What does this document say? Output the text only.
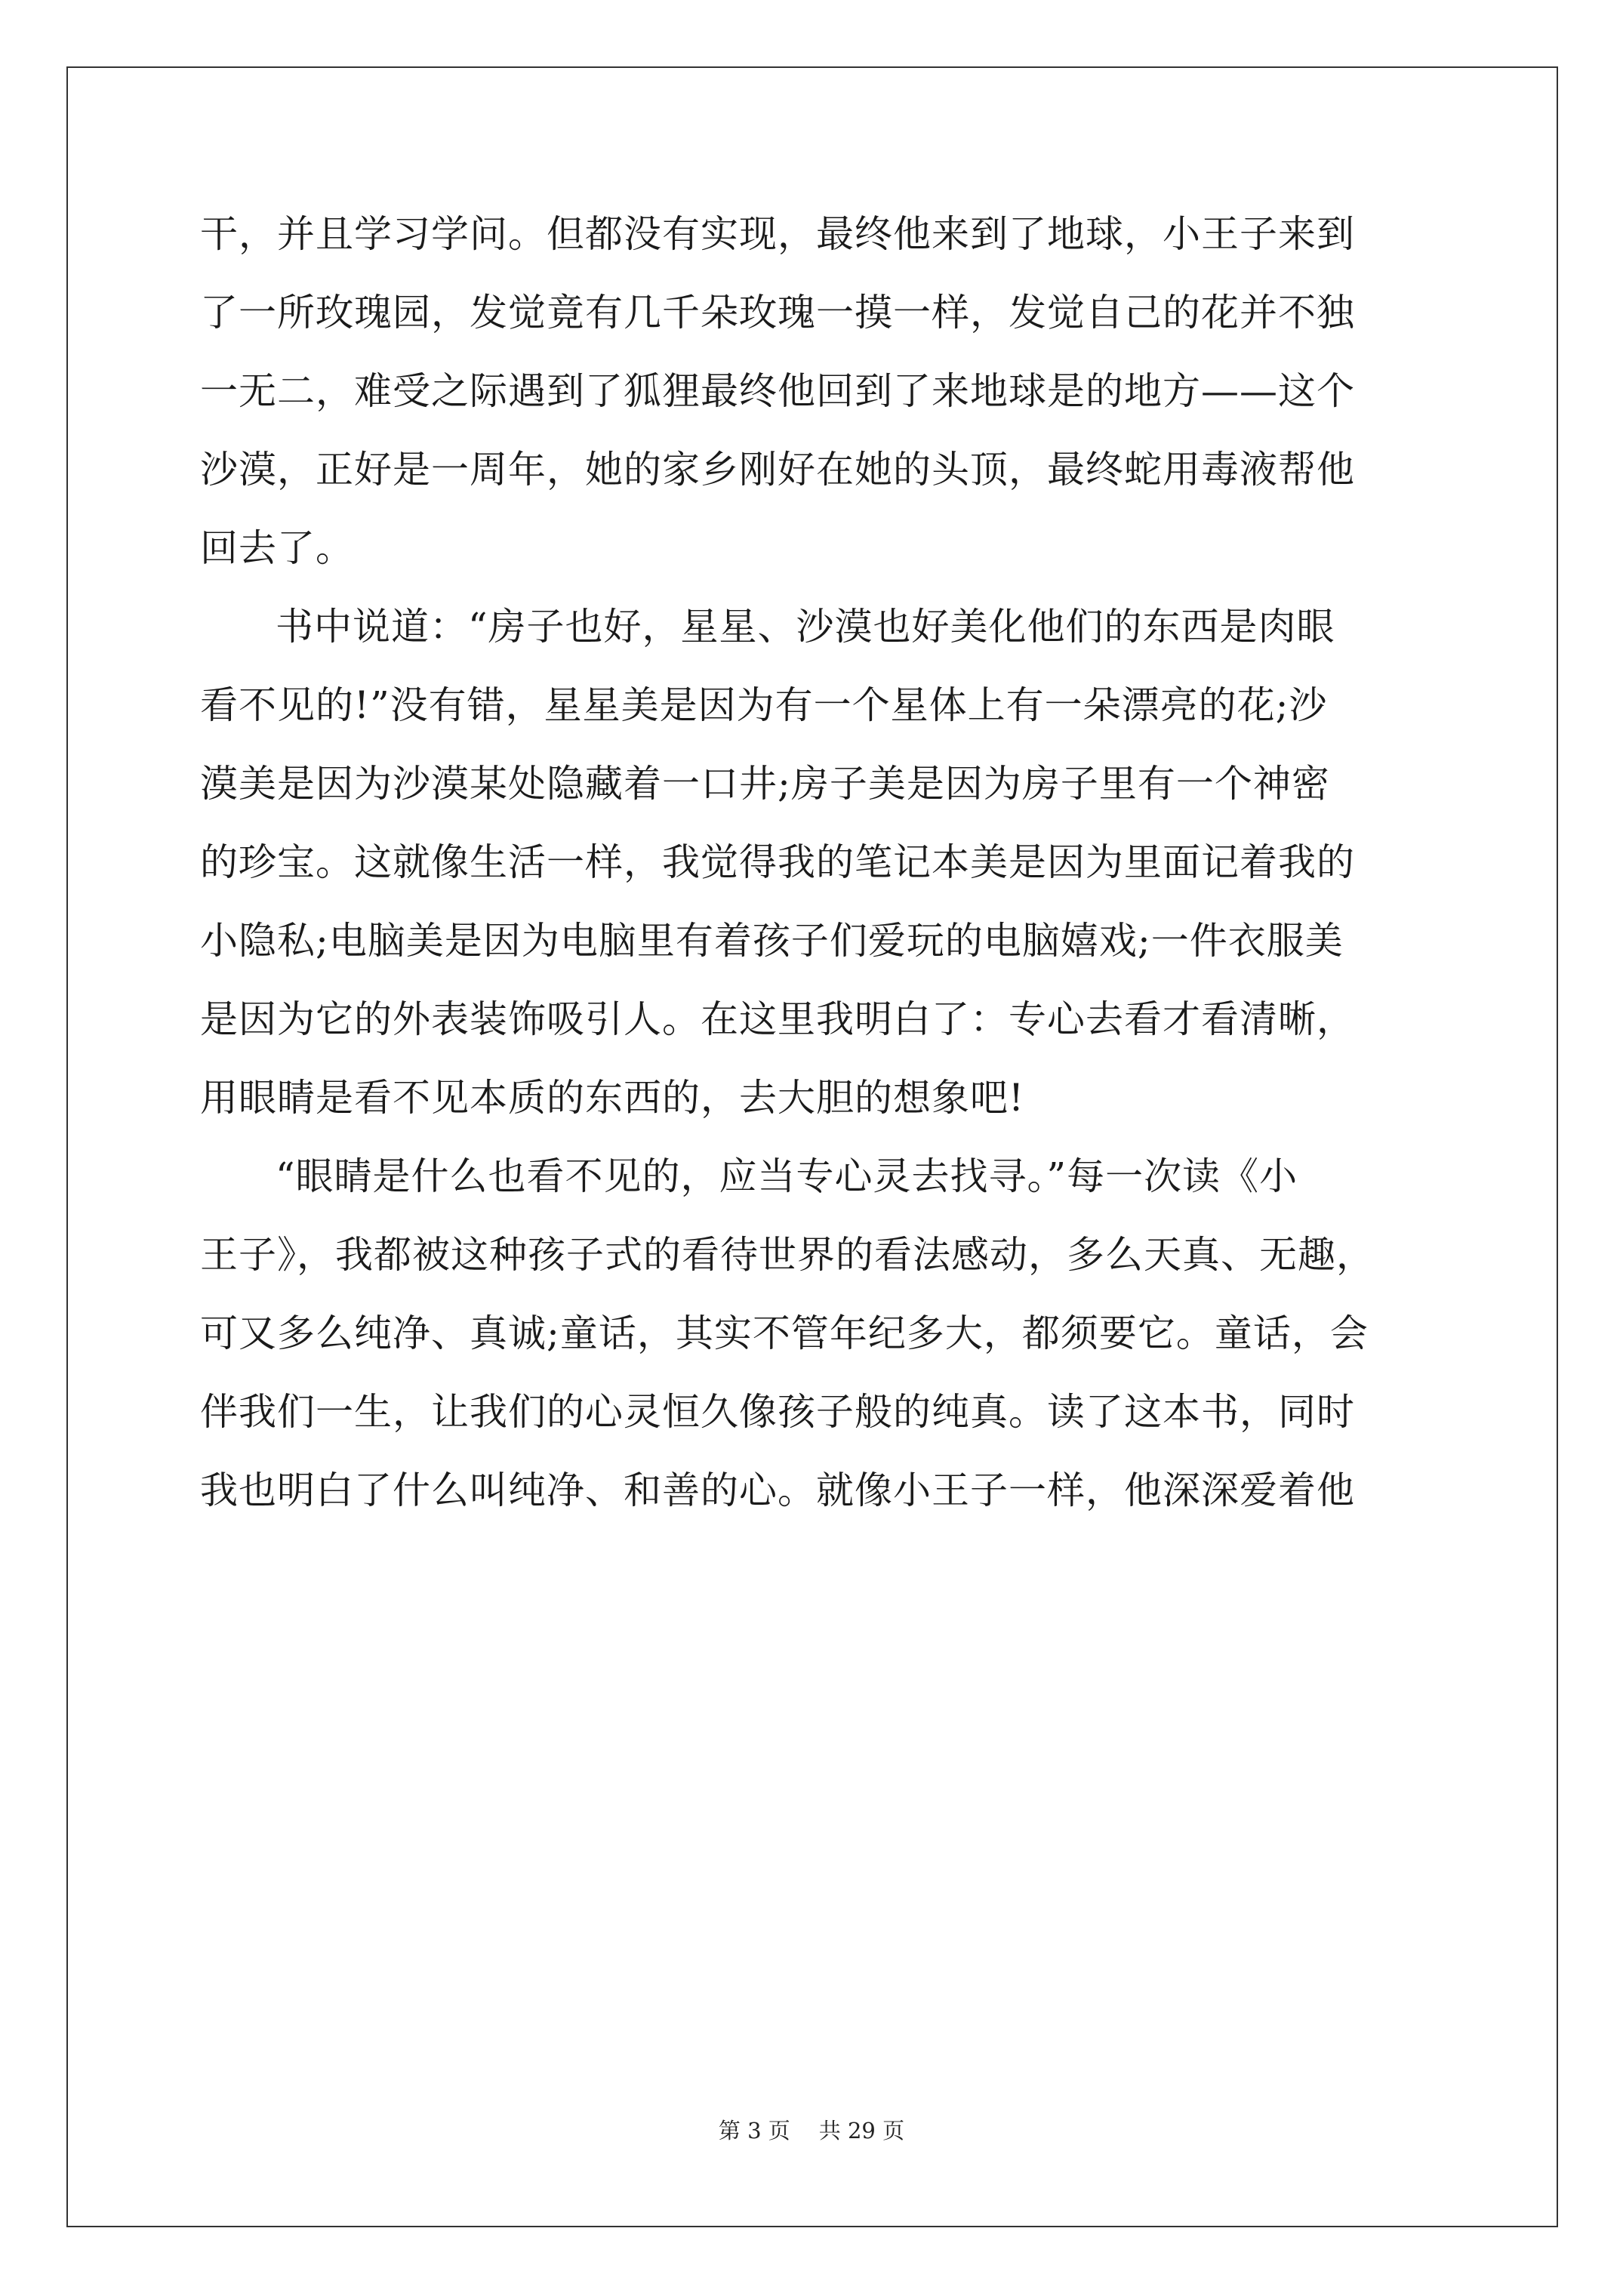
干，并且学习学问。但都没有实现，最终他来到了地球，小王子来到
了一所玫瑰园，发觉竟有几千朵玫瑰一摸一样，发觉自己的花并不独
一无二，难受之际遇到了狐狸最终他回到了来地球是的地方——这个
沙漠，正好是一周年，她的家乡刚好在她的头顶，最终蛇用毒液帮他
回去了。
书中说道：“房子也好，星星、沙漠也好美化他们的东西是肉眼
看不见的!”没有错，星星美是因为有一个星体上有一朵漂亮的花;沙
漠美是因为沙漠某处隐藏着一口井;房子美是因为房子里有一个神密
的珍宝。这就像生活一样，我觉得我的笔记本美是因为里面记着我的
小隐私;电脑美是因为电脑里有着孩子们爱玩的电脑嬉戏;一件衣服美
是因为它的外表装饰吸引人。在这里我明白了：专心去看才看清晰，
用眼睛是看不见本质的东西的，去大胆的想象吧!
“眼睛是什么也看不见的，应当专心灵去找寻。”每一次读《小
王子》，我都被这种孩子式的看待世界的看法感动，多么天真、无趣，
可又多么纯净、真诚;童话，其实不管年纪多大，都须要它。童话，会
伴我们一生，让我们的心灵恒久像孩子般的纯真。读了这本书，同时
我也明白了什么叫纯净、和善的心。就像小王子一样，他深深爱着他
第 3 页 共 29 页
